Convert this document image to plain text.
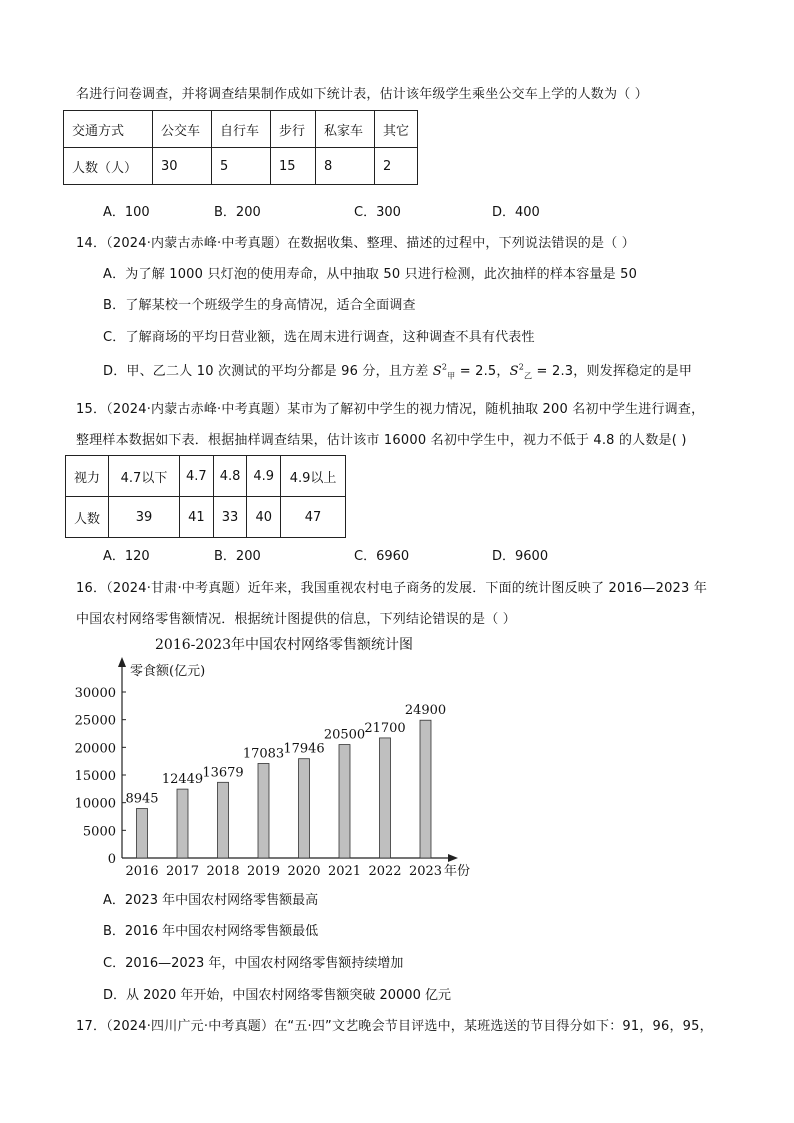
名进行问卷调查，并将调查结果制作成如下统计表，估计该年级学生乘坐公交车上学的人数为（ ）
交通方式	公交车	自行车	步行	私家车	其它
人数（人）	30	5	15	8	2
A．100	B．200	C．300	D．400
14．（2024·内蒙古赤峰·中考真题）在数据收集、整理、描述的过程中，下列说法错误的是（ ）
A．为了解 1000 只灯泡的使用寿命，从中抽取 50 只进行检测，此次抽样的样本容量是 50
B．了解某校一个班级学生的身高情况，适合全面调查
C．了解商场的平均日营业额，选在周末进行调查，这种调查不具有代表性
D．甲、乙二人 10 次测试的平均分都是 96 分，且方差 $S^2_甲 = 2.5$，$S^2_乙 = 2.3$，则发挥稳定的是甲
15．（2024·内蒙古赤峰·中考真题）某市为了解初中学生的视力情况，随机抽取 200 名初中学生进行调查，
整理样本数据如下表．根据抽样调查结果，估计该市 16000 名初中学生中，视力不低于 4.8 的人数是( )
视力	4.7以下	4.7	4.8	4.9	4.9以上
人数	39	41	33	40	47
A．120	B．200	C．6960	D．9600
16．（2024·甘肃·中考真题）近年来，我国重视农村电子商务的发展．下面的统计图反映了 2016—2023 年
中国农村网络零售额情况．根据统计图提供的信息，下列结论错误的是（ ）
2016-2023年中国农村网络零售额统计图
零食额(亿元)
年份
0
5000
10000
15000
20000
25000
30000
2016 2017 2018 2019 2020 2021 2022 2023
8945
12449 13679
17083 17946
20500 21700
24900
A．2023 年中国农村网络零售额最高
B．2016 年中国农村网络零售额最低
C．2016—2023 年，中国农村网络零售额持续增加
D．从 2020 年开始，中国农村网络零售额突破 20000 亿元
17．（2024·四川广元·中考真题）在“五·四”文艺晚会节目评选中，某班选送的节目得分如下：91，96，95，
